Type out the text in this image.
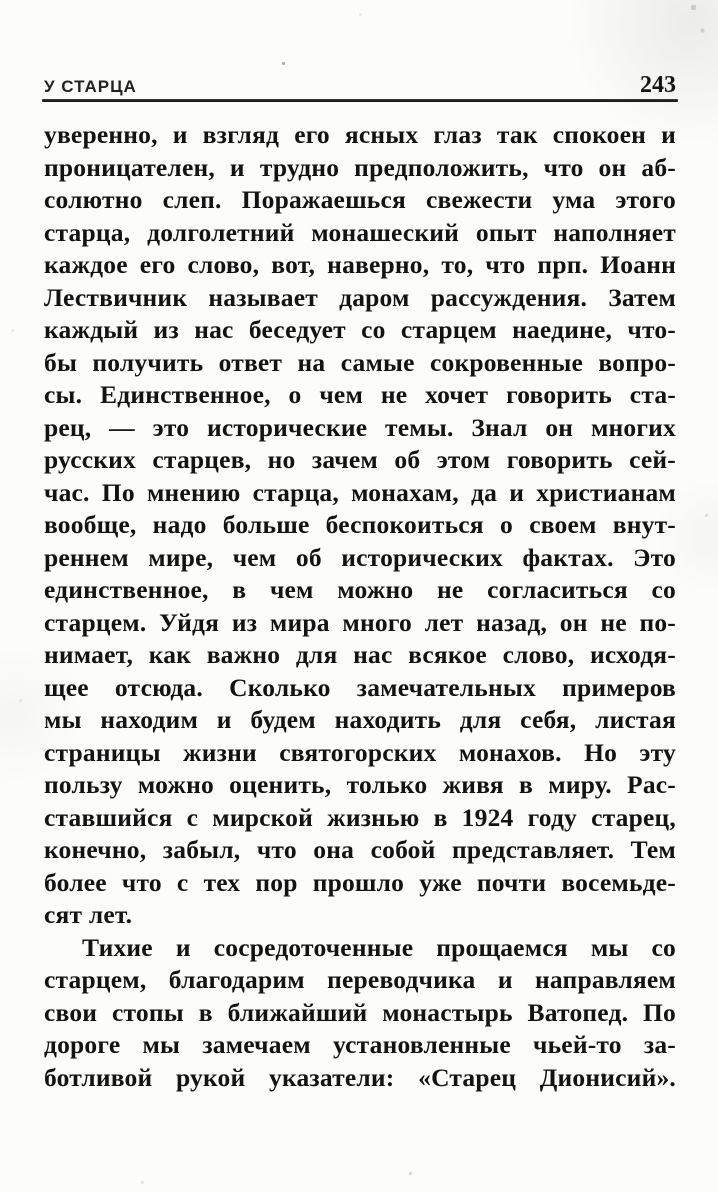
У СТАРЦА	243
уверенно, и взгляд его ясных глаз так спокоен и
проницателен, и трудно предположить, что он аб-
солютно слеп. Поражаешься свежести ума этого
старца, долголетний монашеский опыт наполняет
каждое его слово, вот, наверно, то, что прп. Иоанн
Лествичник называет даром рассуждения. Затем
каждый из нас беседует со старцем наедине, что-
бы получить ответ на самые сокровенные вопро-
сы. Единственное, о чем не хочет говорить ста-
рец, — это исторические темы. Знал он многих
русских старцев, но зачем об этом говорить сей-
час. По мнению старца, монахам, да и христианам
вообще, надо больше беспокоиться о своем внут-
реннем мире, чем об исторических фактах. Это
единственное, в чем можно не согласиться со
старцем. Уйдя из мира много лет назад, он не по-
нимает, как важно для нас всякое слово, исходя-
щее отсюда. Сколько замечательных примеров
мы находим и будем находить для себя, листая
страницы жизни святогорских монахов. Но эту
пользу можно оценить, только живя в миру. Рас-
ставшийся с мирской жизнью в 1924 году старец,
конечно, забыл, что она собой представляет. Тем
более что с тех пор прошло уже почти восемьде-
сят лет.
Тихие и сосредоточенные прощаемся мы со
старцем, благодарим переводчика и направляем
свои стопы в ближайший монастырь Ватопед. По
дороге мы замечаем установленные чьей-то за-
ботливой рукой указатели: «Старец Дионисий».
